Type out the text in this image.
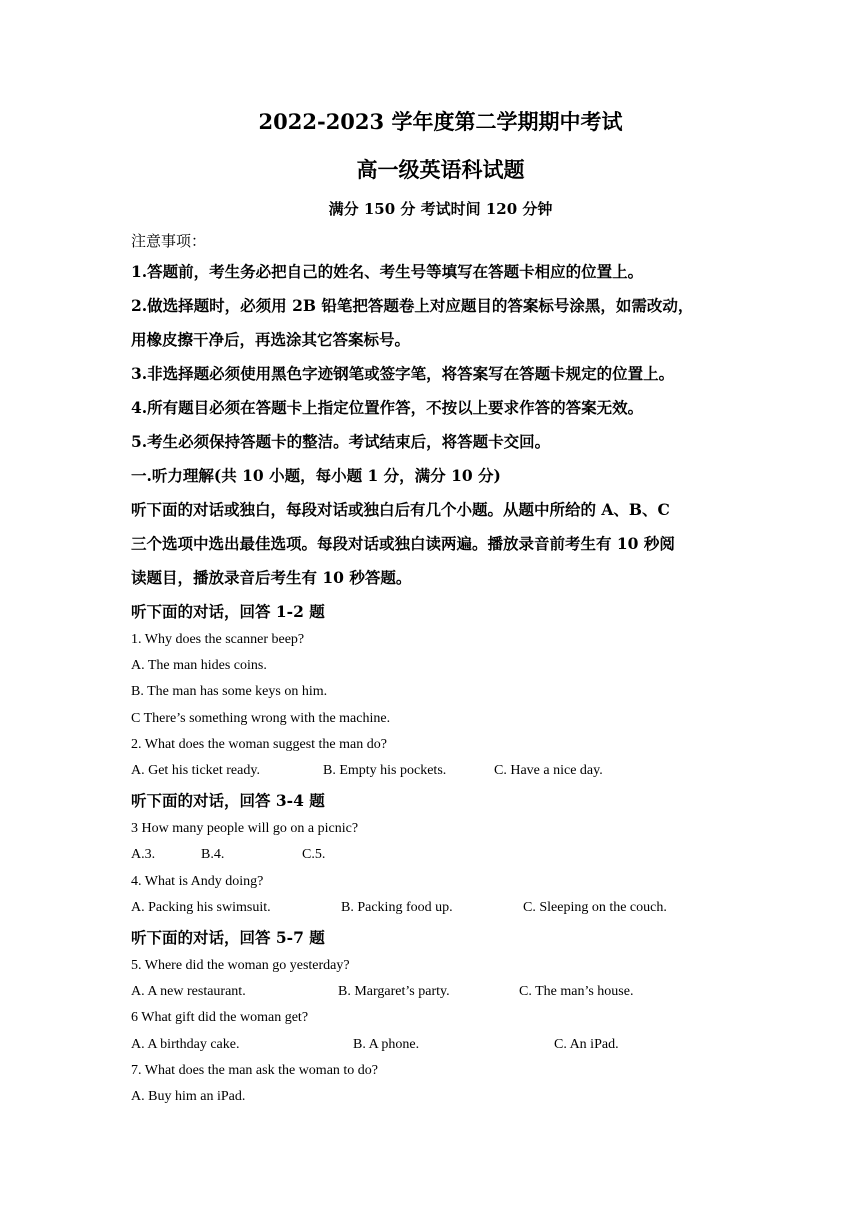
2022-2023 学年度第二学期期中考试
高一级英语科试题
满分 150 分 考试时间 120 分钟
注意事项：
1.答题前，考生务必把自己的姓名、考生号等填写在答题卡相应的位置上。
2.做选择题时，必须用 2B 铅笔把答题卷上对应题目的答案标号涂黑，如需改动，
用橡皮擦干净后，再选涂其它答案标号。
3.非选择题必须使用黑色字迹钢笔或签字笔，将答案写在答题卡规定的位置上。
4.所有题目必须在答题卡上指定位置作答，不按以上要求作答的答案无效。
5.考生必须保持答题卡的整洁。考试结束后，将答题卡交回。
一.听力理解(共 10 小题，每小题 1 分，满分 10 分)
听下面的对话或独白，每段对话或独白后有几个小题。从题中所给的 A、B、C
三个选项中选出最佳选项。每段对话或独白读两遍。播放录音前考生有 10 秒阅
读题目，播放录音后考生有 10 秒答题。
听下面的对话，回答 1-2 题
1. Why does the scanner beep?
A. The man hides coins.
B. The man has some keys on him.
C There’s something wrong with the machine.
2. What does the woman suggest the man do?
A. Get his ticket ready.	B. Empty his pockets.	C. Have a nice day.
听下面的对话，回答 3-4 题
3 How many people will go on a picnic?
A.3.	B.4.	C.5.
4. What is Andy doing?
A. Packing his swimsuit.	B. Packing food up.	C. Sleeping on the couch.
听下面的对话，回答 5-7 题
5. Where did the woman go yesterday?
A. A new restaurant.	B. Margaret’s party.	C. The man’s house.
6 What gift did the woman get?
A. A birthday cake.	B. A phone.	C. An iPad.
7. What does the man ask the woman to do?
A. Buy him an iPad.
